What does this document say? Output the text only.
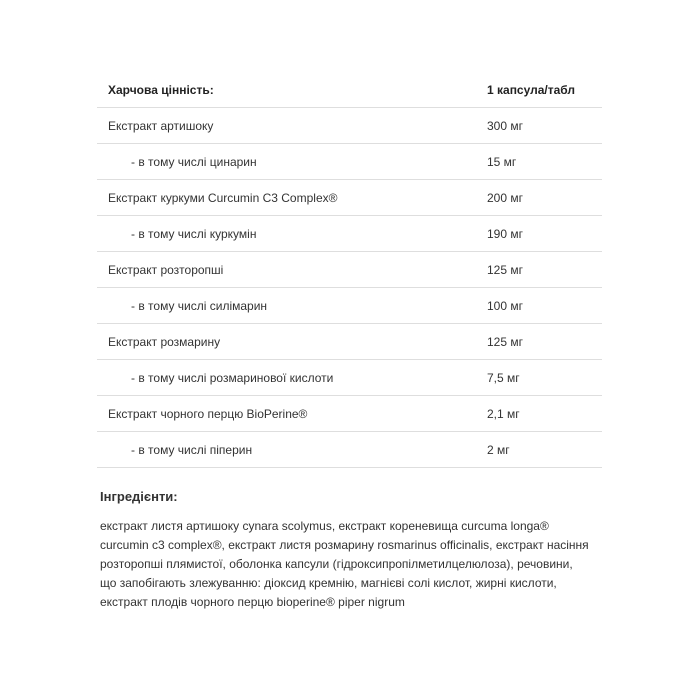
Харчова цінність:	1 капсула/табл
Екстракт артишоку	300 мг
- в тому числі цинарин	15 мг
Екстракт куркуми Curcumin C3 Complex®	200 мг
- в тому числі куркумін	190 мг
Екстракт розторопші	125 мг
- в тому числі силімарин	100 мг
Екстракт розмарину	125 мг
- в тому числі розмаринової кислоти	7,5 мг
Екстракт чорного перцю BioPerine®	2,1 мг
- в тому числі піперин	2 мг
Інгредієнти:

екстракт листя артишоку cynara scolymus, екстракт кореневища curcuma longa® curcumin c3 complex®, екстракт листя розмарину rosmarinus officinalis, екстракт насіння розторопші плямистої, оболонка капсули (гідроксипропілметилцелюлоза), речовини, що запобігають злежуванню: діоксид кремнію, магнієві солі кислот, жирні кислоти, екстракт плодів чорного перцю bioperine® piper nigrum
